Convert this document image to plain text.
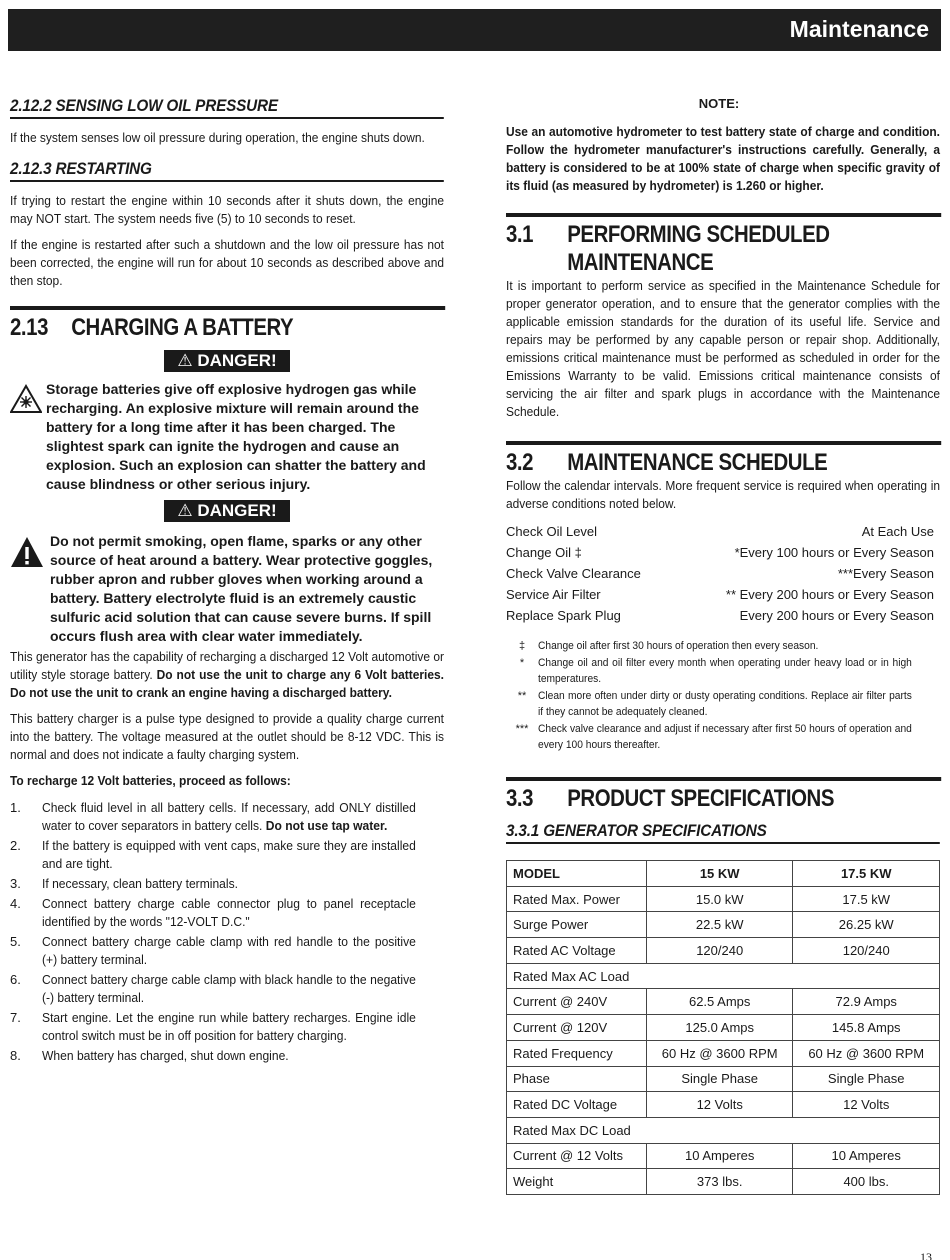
Maintenance
2.12.2 SENSING LOW OIL PRESSURE

If the system senses low oil pressure during operation, the engine shuts down.

2.12.3 RESTARTING

If trying to restart the engine within 10 seconds after it shuts down, the engine may NOT start. The system needs five (5) to 10 seconds to reset.

If the engine is restarted after such a shutdown and the low oil pressure has not been corrected, the engine will run for about 10 seconds as described above and then stop.

2.13 CHARGING A BATTERY
⚠ DANGER!
Storage batteries give off explosive hydrogen gas while recharging. An explosive mixture will remain around the battery for a long time after it has been charged. The slightest spark can ignite the hydrogen and cause an explosion. Such an explosion can shatter the battery and cause blindness or other serious injury.
⚠ DANGER!
Do not permit smoking, open flame, sparks or any other source of heat around a battery. Wear protective goggles, rubber apron and rubber gloves when working around a battery. Battery electrolyte fluid is an extremely caustic sulfuric acid solution that can cause severe burns. If spill occurs flush area with clear water immediately.

This generator has the capability of recharging a discharged 12 Volt automotive or utility style storage battery. Do not use the unit to charge any 6 Volt batteries. Do not use the unit to crank an engine having a discharged battery.

This battery charger is a pulse type designed to provide a quality charge current into the battery. The voltage measured at the outlet should be 8-12 VDC. This is normal and does not indicate a faulty charging system.

To recharge 12 Volt batteries, proceed as follows:

1.	Check fluid level in all battery cells. If necessary, add ONLY distilled water to cover separators in battery cells. Do not use tap water.
2.	If the battery is equipped with vent caps, make sure they are installed and are tight.
3.	If necessary, clean battery terminals.
4.	Connect battery charge cable connector plug to panel receptacle identified by the words "12-VOLT D.C."
5.	Connect battery charge cable clamp with red handle to the positive (+) battery terminal.
6.	Connect battery charge cable clamp with black handle to the negative (-) battery terminal.
7.	Start engine. Let the engine run while battery recharges. Engine idle control switch must be in off position for battery charging.
8.	When battery has charged, shut down engine.
NOTE:

Use an automotive hydrometer to test battery state of charge and condition. Follow the hydrometer manufacturer's instructions carefully. Generally, a battery is considered to be at 100% state of charge when specific gravity of its fluid (as measured by hydrometer) is 1.260 or higher.

3.1	PERFORMING SCHEDULED
MAINTENANCE

It is important to perform service as specified in the Maintenance Schedule for proper generator operation, and to ensure that the generator complies with the applicable emission standards for the duration of its useful life. Service and repairs may be performed by any capable person or repair shop. Additionally, emissions critical maintenance must be performed as scheduled in order for the Emissions Warranty to be valid. Emissions critical maintenance consists of servicing the air filter and spark plugs in accordance with the Maintenance Schedule.

3.2	MAINTENANCE SCHEDULE

Follow the calendar intervals. More frequent service is required when operating in adverse conditions noted below.

Check Oil Level	At Each Use
Change Oil ‡	*Every 100 hours or Every Season
Check Valve Clearance	***Every Season
Service Air Filter	** Every 200 hours or Every Season
Replace Spark Plug	Every 200 hours or Every Season
‡	Change oil after first 30 hours of operation then every season.
*	Change oil and oil filter every month when operating under heavy load or in high temperatures.
**	Clean more often under dirty or dusty operating conditions. Replace air filter parts if they cannot be adequately cleaned.
*** Check valve clearance and adjust if necessary after first 50 hours of operation and every 100 hours thereafter.
3.3	PRODUCT SPECIFICATIONS
3.3.1 GENERATOR SPECIFICATIONS
MODEL	15 KW	17.5 KW
Rated Max. Power	15.0 kW	17.5 kW
Surge Power	22.5 kW	26.25 kW
Rated AC Voltage	120/240	120/240
Rated Max AC Load		
Current @ 240V	62.5 Amps	72.9 Amps
Current @ 120V	125.0 Amps	145.8 Amps
Rated Frequency	60 Hz @ 3600 RPM	60 Hz @ 3600 RPM
Phase	Single Phase	Single Phase
Rated DC Voltage	12 Volts	12 Volts
Rated Max DC Load		
Current @ 12 Volts	10 Amperes	10 Amperes
Weight	373 lbs.	400 lbs.
13
